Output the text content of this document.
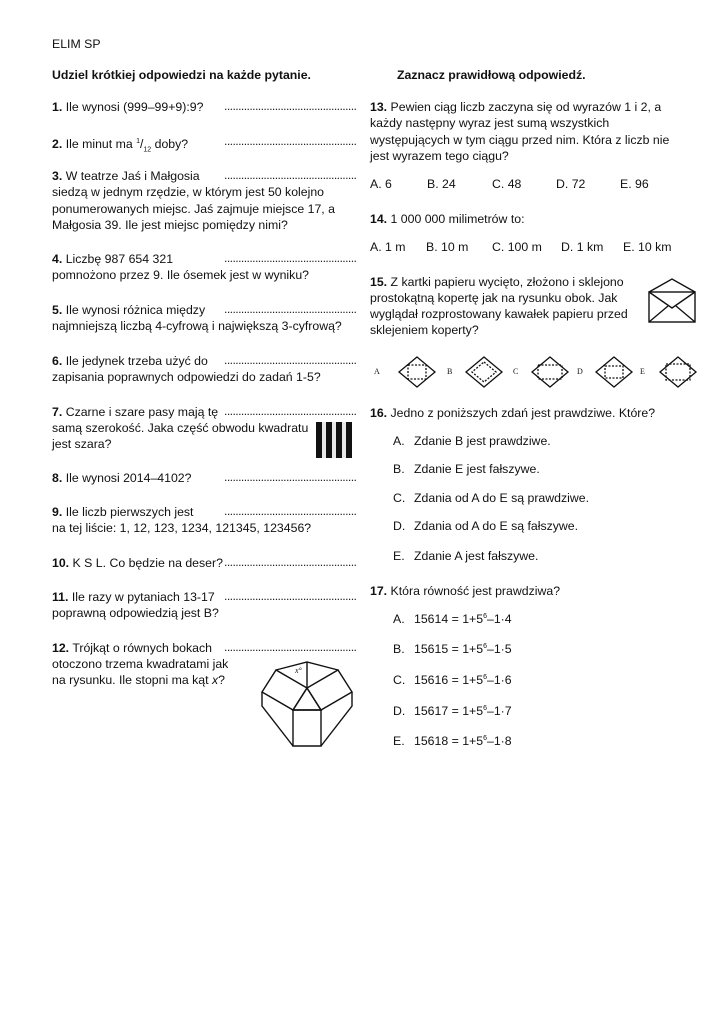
ELIM SP
Udziel krótkiej odpowiedzi na każde pytanie.
1. Ile wynosi (999–99+9):9? ...............................................
2. Ile minut ma $^1/_{12}$ doby?	...............................................
3. W teatrze Jaś i Małgosia ...............................................
siedzą w jednym rzędzie, w którym jest 50 kolejno
ponumerowanych miejsc. Jaś zajmuje miejsce 17, a
Małgosia 39. Ile jest miejsc pomiędzy nimi?
4. Liczbę 987 654 321	...............................................
pomnożono przez 9. Ile ósemek jest w wyniku?
5. Ile wynosi różnica między ...............................................
najmniejszą liczbą 4-cyfrową i największą 3-cyfrową?
6. Ile jedynek trzeba użyć do ...............................................
zapisania poprawnych odpowiedzi do zadań 1-5?
7. Czarne i szare pasy mają tę ...............................................
samą szerokość. Jaka część obwodu kwadratu
jest szara?
8. Ile wynosi 2014–4102?	...............................................
9. Ile liczb pierwszych jest ...............................................
na tej liście: 1, 12, 123, 1234, 121345, 123456?
10. K S L. Co będzie na deser? ...............................................
11. Ile razy w pytaniach 13-17 ...............................................
poprawną odpowiedzią jest B?
12. Trójkąt o równych bokach ...............................................
otoczono trzema kwadratami jak
na rysunku. Ile stopni ma kąt x?
x°
Zaznacz prawidłową odpowiedź.
13. Pewien ciąg liczb zaczyna się od wyrazów 1 i 2, a
każdy następny wyraz jest sumą wszystkich
występujących w tym ciągu przed nim. Która z liczb nie
jest wyrazem tego ciągu?
A. 6	B. 24	C. 48	D. 72	E. 96
14. 1 000 000 milimetrów to:
A. 1 m B. 10 m C. 100 m D. 1 km E. 10 km
15. Z kartki papieru wycięto, złożono i sklejono
prostokątną kopertę jak na rysunku obok. Jak
wyglądał rozprostowany kawałek papieru przed
sklejeniem koperty?
A	B	C	D	E
16. Jedno z poniższych zdań jest prawdziwe. Które?
A. Zdanie B jest prawdziwe.
B. Zdanie E jest fałszywe.
C. Zdania od A do E są prawdziwe.
D. Zdania od A do E są fałszywe.
E. Zdanie A jest fałszywe.
17. Która równość jest prawdziwa?
A. $15614 = 1+5^6-1\cdot 4$
B. $15615 = 1+5^6-1\cdot 5$
C. $15616 = 1+5^6-1\cdot 6$
D. $15617 = 1+5^6-1\cdot 7$
E. $15618 = 1+5^6-1\cdot 8$
